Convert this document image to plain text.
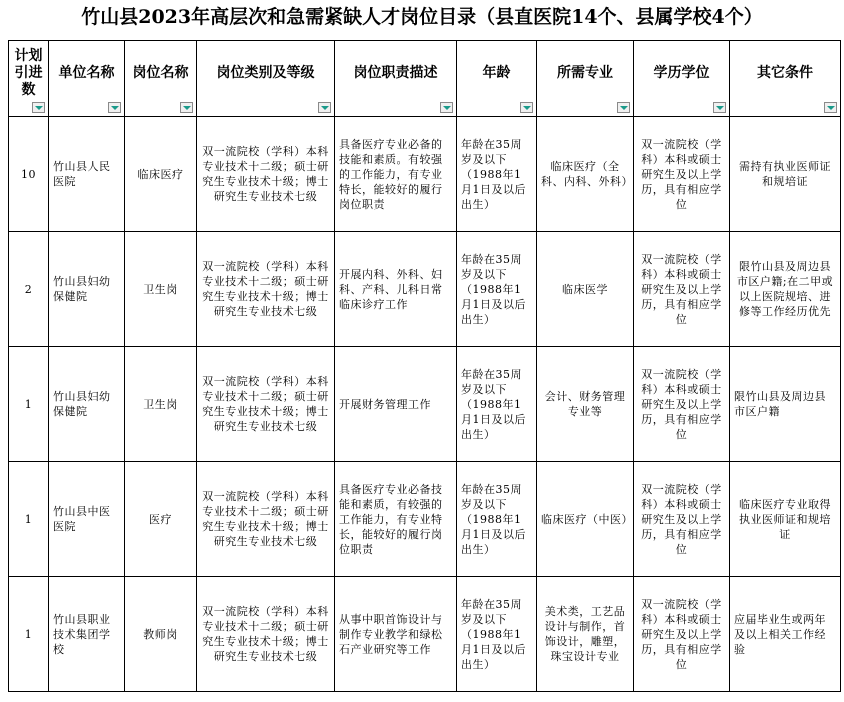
竹山县2023年高层次和急需紧缺人才岗位目录（县直医院14个、县属学校4个）
计划引进数	单位名称	岗位名称	岗位类别及等级	岗位职责描述	年龄	所需专业	学历学位	其它条件

10	竹山县人民医院	临床医疗	双一流院校（学科）本科专业技术十二级；硕士研究生专业技术十级；博士研究生专业技术七级	具备医疗专业必备的技能和素质。有较强的工作能力，有专业特长，能较好的履行岗位职责	年龄在35周岁及以下（1988年1月1日及以后出生）	临床医疗（全科、内科、外科）	双一流院校（学科）本科或硕士研究生及以上学历，具有相应学位	需持有执业医师证和规培证

2	竹山县妇幼保健院	卫生岗	双一流院校（学科）本科专业技术十二级；硕士研究生专业技术十级；博士研究生专业技术七级	开展内科、外科、妇科、产科、儿科日常临床诊疗工作	年龄在35周岁及以下（1988年1月1日及以后出生）	临床医学	双一流院校（学科）本科或硕士研究生及以上学历，具有相应学位	限竹山县及周边县市区户籍;在二甲或以上医院规培、进修等工作经历优先

1	竹山县妇幼保健院	卫生岗	双一流院校（学科）本科专业技术十二级；硕士研究生专业技术十级；博士研究生专业技术七级	开展财务管理工作	年龄在35周岁及以下（1988年1月1日及以后出生）	会计、财务管理专业等	双一流院校（学科）本科或硕士研究生及以上学历，具有相应学位	限竹山县及周边县市区户籍

1	竹山县中医医院	医疗	双一流院校（学科）本科专业技术十二级；硕士研究生专业技术十级；博士研究生专业技术七级	具备医疗专业必备技能和素质，有较强的工作能力，有专业特长，能较好的履行岗位职责	年龄在35周岁及以下（1988年1月1日及以后出生）	临床医疗（中医）	双一流院校（学科）本科或硕士研究生及以上学历，具有相应学位	临床医疗专业取得执业医师证和规培证

1	竹山县职业技术集团学校	教师岗	双一流院校（学科）本科专业技术十二级；硕士研究生专业技术十级；博士研究生专业技术七级	从事中职首饰设计与制作专业教学和绿松石产业研究等工作	年龄在35周岁及以下（1988年1月1日及以后出生）	美术类，工艺品设计与制作，首饰设计，雕塑，珠宝设计专业	双一流院校（学科）本科或硕士研究生及以上学历，具有相应学位	应届毕业生或两年及以上相关工作经验
